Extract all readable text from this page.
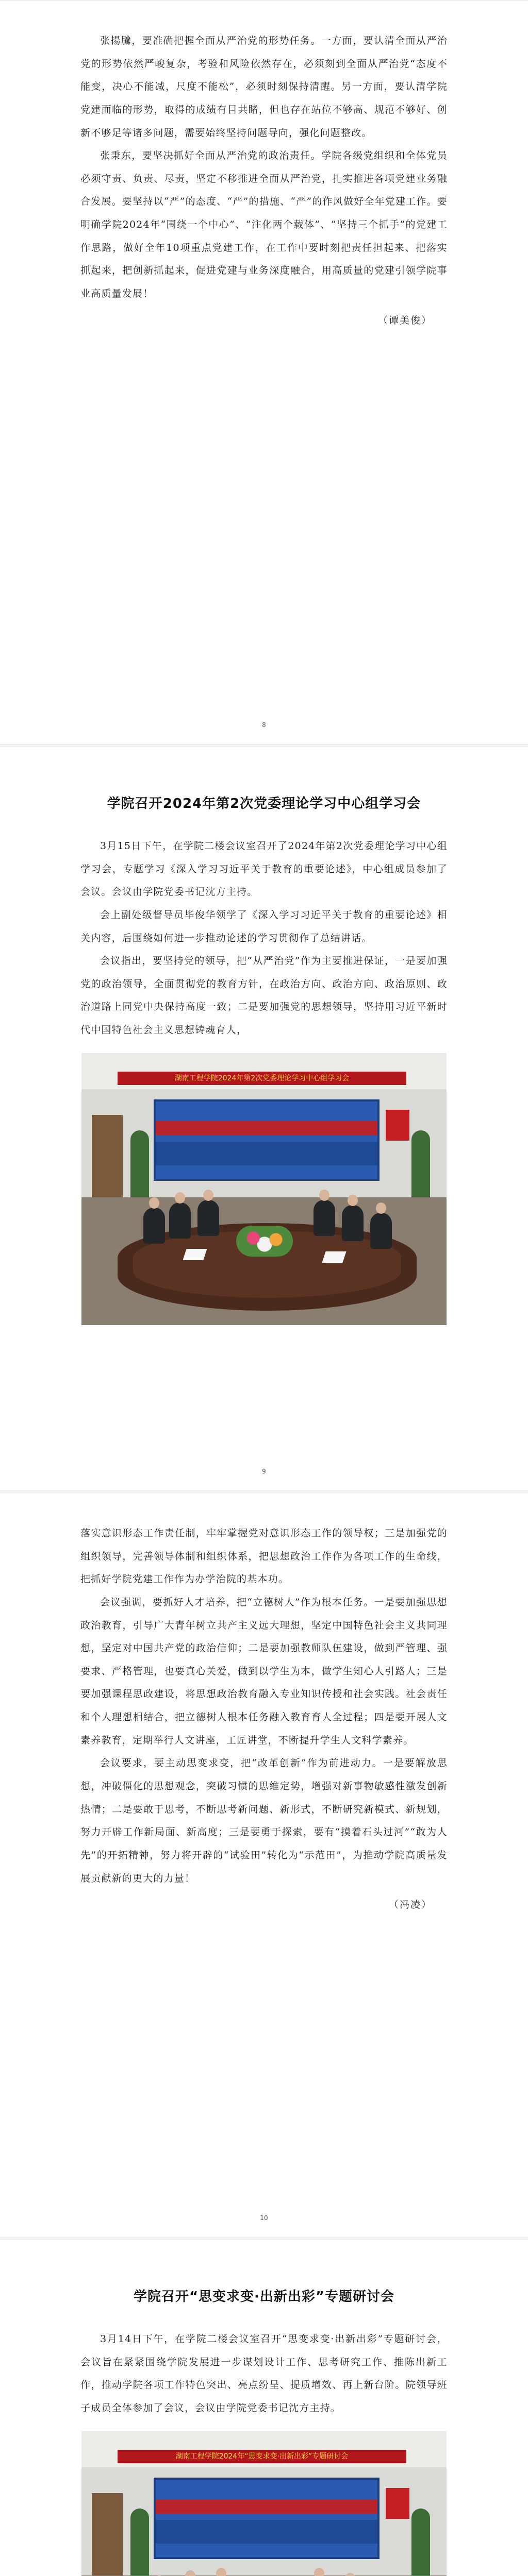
张揚騰，要准确把握全面从严治党的形势任务。一方面，要认清全面从严治党的形势依然严峻复杂，考验和风险依然存在，必须刻到全面从严治党“态度不能变，决心不能减，尺度不能松”，必须时刻保持清醒。另一方面，要认清学院党建面临的形势，取得的成绩有目共睹，但也存在站位不够高、规范不够好、创新不够足等诸多问题，需要始终坚持问题导向，强化问题整改。

张秉东，要坚决抓好全面从严治党的政治责任。学院各级党组织和全体党员必须守责、负责、尽责，坚定不移推进全面从严治党，扎实推进各项党建业务融合发展。要坚持以“严”的态度、“严”的措施、“严”的作风做好全年党建工作。要明确学院2024年“围绕一个中心”、“注化两个载体”、“坚持三个抓手”的党建工作思路，做好全年10项重点党建工作，在工作中要时刻把责任担起来、把落实抓起来，把创新抓起来，促进党建与业务深度融合，用高质量的党建引领学院事业高质量发展！

（谭美俊）

8
学院召开2024年第2次党委理论学习中心组学习会

3月15日下午，在学院二楼会议室召开了2024年第2次党委理论学习中心组学习会，专题学习《深入学习习近平关于教育的重要论述》，中心组成员参加了会议。会议由学院党委书记沈方主持。

会上副处级督导员毕俊华领学了《深入学习习近平关于教育的重要论述》相关内容，后围绕如何进一步推动论述的学习贯彻作了总结讲话。

会议指出，要坚持党的领导，把“从严治党”作为主要推进保证，一是要加强党的政治领导，全面贯彻党的教育方针，在政治方向、政治方向、政治原则、政治道路上同党中央保持高度一致；二是要加强党的思想领导，坚持用习近平新时代中国特色社会主义思想铸魂育人，

湖南工程学院2024年第2次党委理论学习中心组学习会
9

落实意识形态工作责任制，牢牢掌握党对意识形态工作的领导权；三是加强党的组织领导，完善领导体制和组织体系，把思想政治工作作为各项工作的生命线，把抓好学院党建工作作为办学治院的基本功。

会议强调，要抓好人才培养，把“立德树人”作为根本任务。一是要加强思想政治教育，引导广大青年树立共产主义远大理想，坚定中国特色社会主义共同理想，坚定对中国共产党的政治信仰；二是要加强教师队伍建设，做到严管理、强要求、严格管理，也要真心关爱，做到以学生为本，做学生知心人引路人；三是要加强课程思政建设，将思想政治教育融入专业知识传授和社会实践。社会责任和个人理想相结合，把立德树人根本任务融入教育育人全过程；四是要开展人文素养教育，定期举行人文讲座，工匠讲堂，不断提升学生人文科学素养。

会议要求，要主动思变求变，把“改革创新”作为前进动力。一是要解放思想，冲破僵化的思想观念，突破习惯的思维定势，增强对新事物敏感性激发创新热情；二是要敢于思考，不断思考新问题、新形式，不断研究新模式、新规划，努力开辟工作新局面、新高度；三是要勇于探索，要有“摸着石头过河”“敢为人先”的开拓精神，努力将开辟的“试验田”转化为“示范田”，为推动学院高质量发展贡献新的更大的力量！

（冯凌）

10
学院召开“思变求变·出新出彩”专题研讨会

3月14日下午，在学院二楼会议室召开“思变求变·出新出彩”专题研讨会，会议旨在紧紧围绕学院发展进一步谋划设计工作、思考研究工作、推陈出新工作，推动学院各项工作特色突出、亮点纷呈、提质增效、再上新台阶。院领导班子成员全体参加了会议，会议由学院党委书记沈方主持。

湖南工程学院2024年“思变求变·出新出彩”专题研讨会
